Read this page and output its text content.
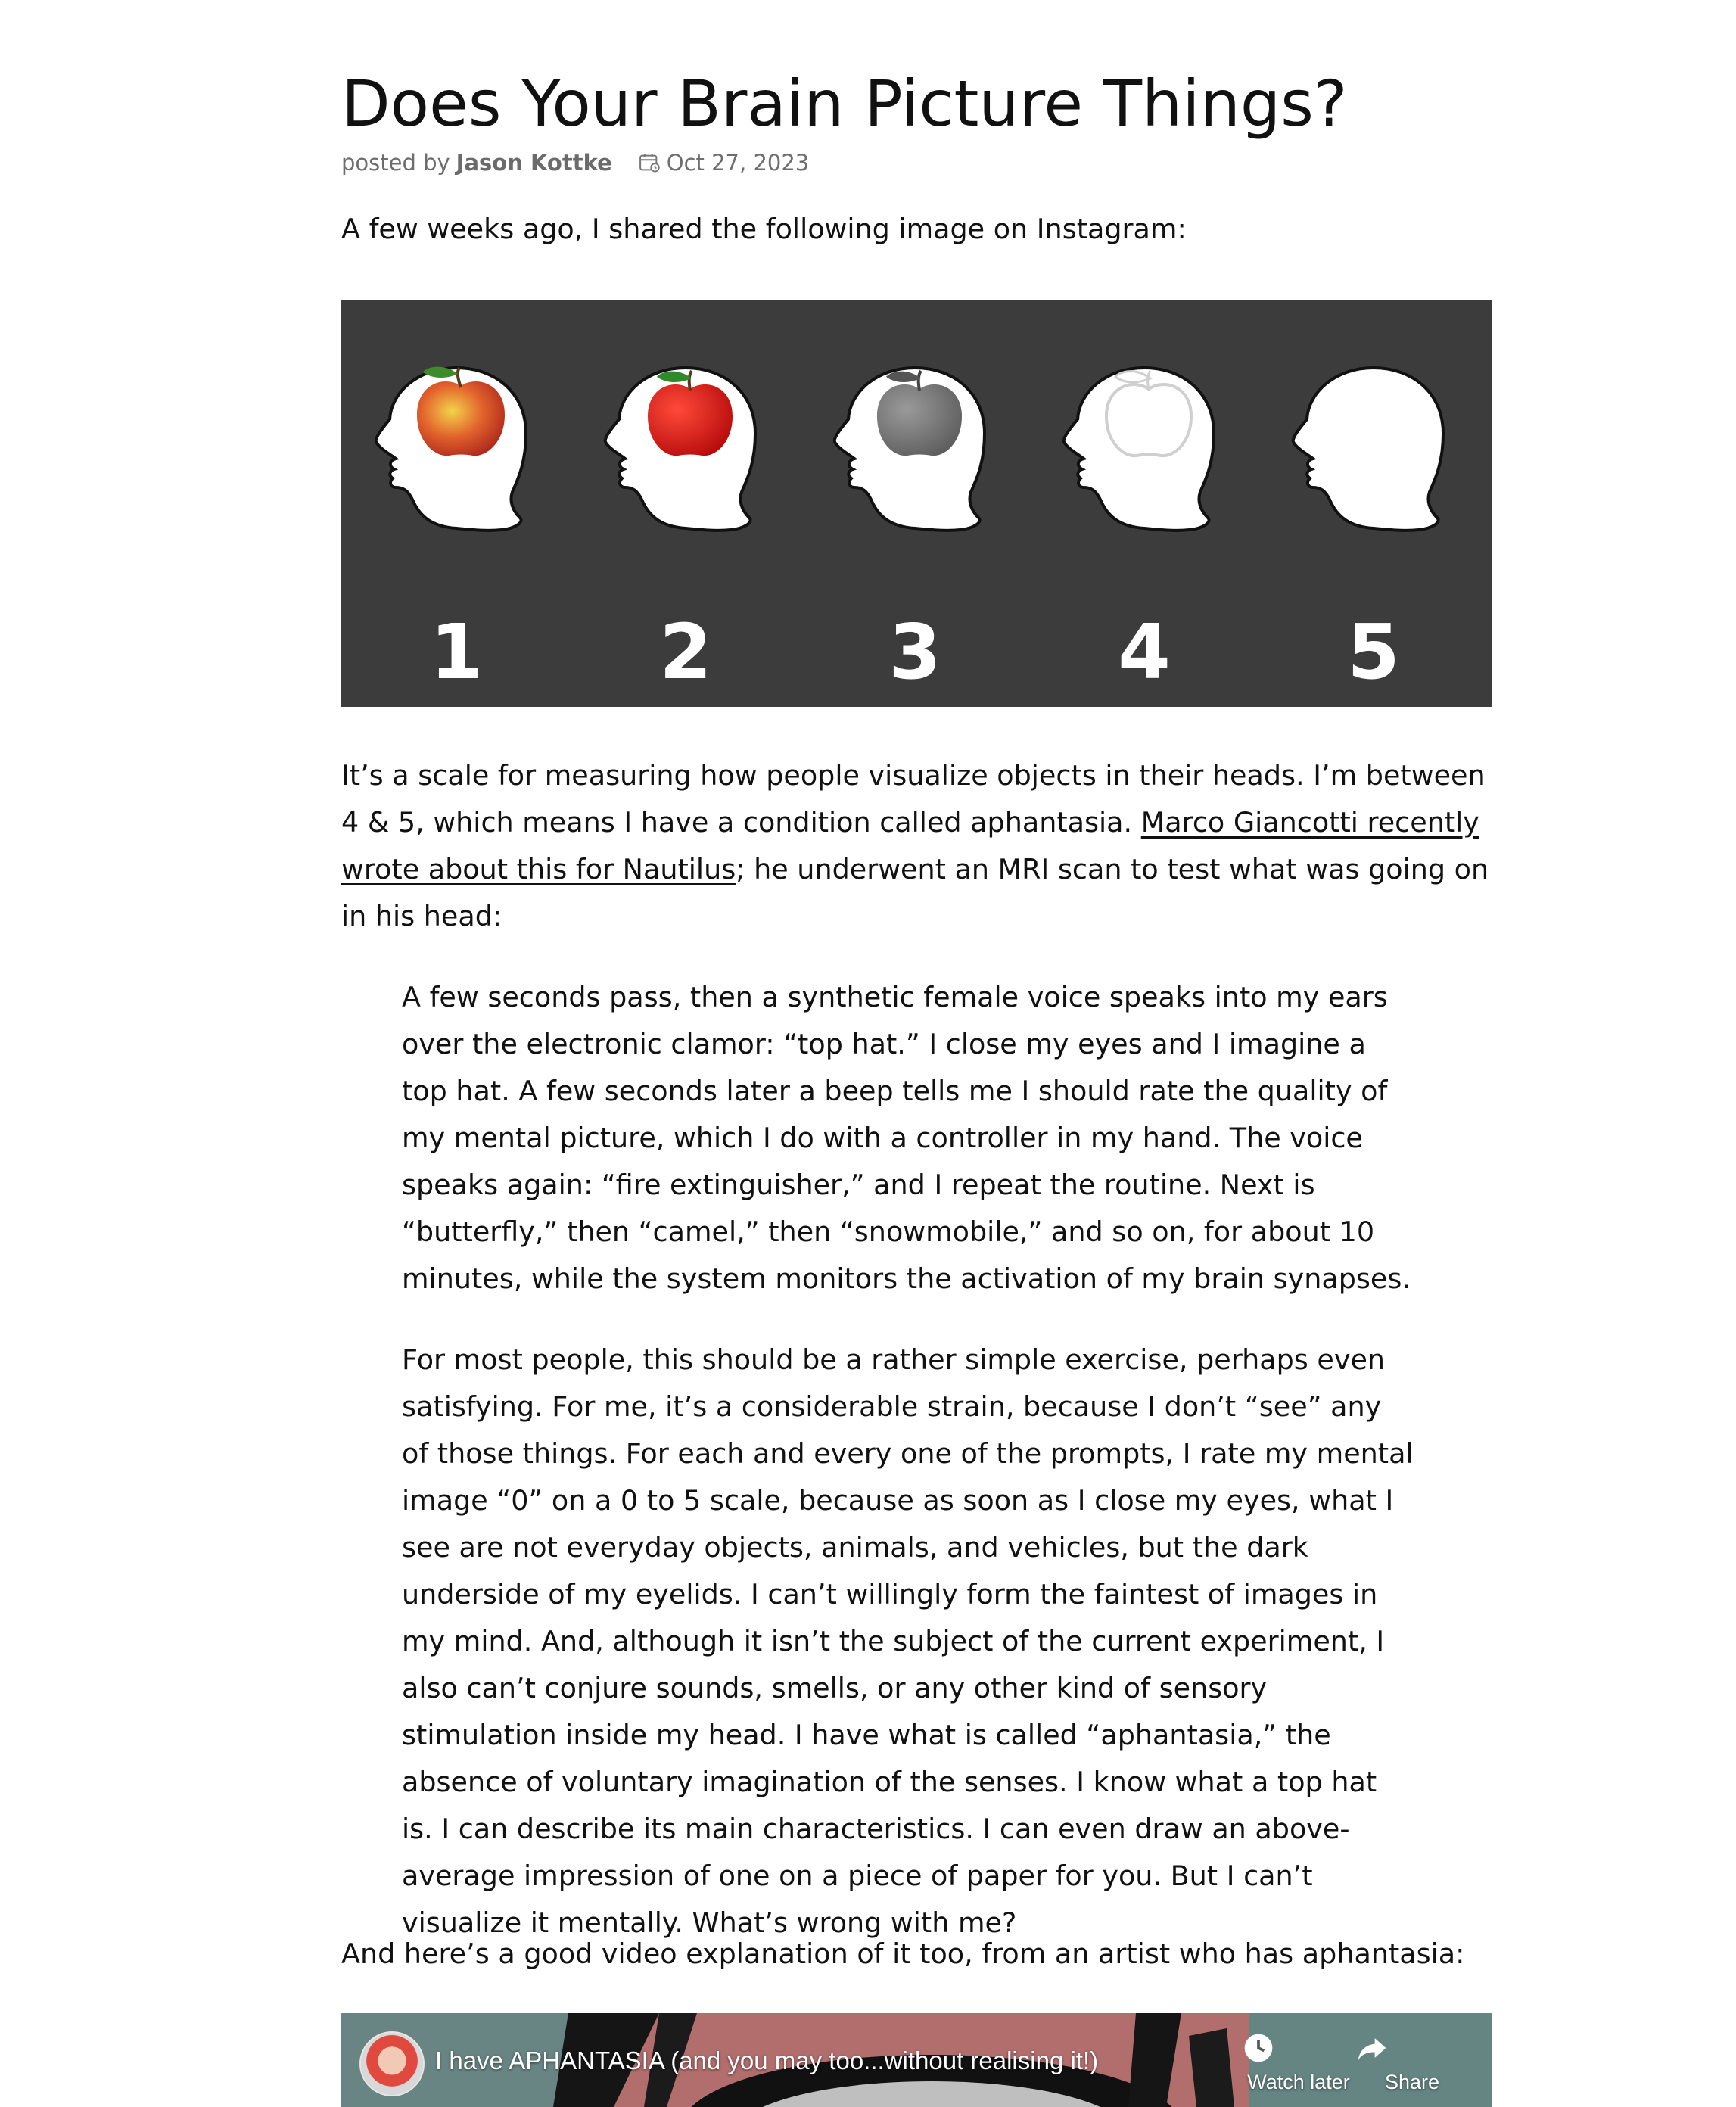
Does Your Brain Picture Things?
posted by Jason Kottke Oct 27, 2023

A few weeks ago, I shared the following image on Instagram:

1 2 3 4 5

It’s a scale for measuring how people visualize objects in their heads. I’m between 4 & 5, which means I have a condition called aphantasia. Marco Giancotti recently wrote about this for Nautilus; he underwent an MRI scan to test what was going on in his head:

A few seconds pass, then a synthetic female voice speaks into my ears over the electronic clamor: “top hat.” I close my eyes and I imagine a top hat. A few seconds later a beep tells me I should rate the quality of my mental picture, which I do with a controller in my hand. The voice speaks again: “fire extinguisher,” and I repeat the routine. Next is “butterfly,” then “camel,” then “snowmobile,” and so on, for about 10 minutes, while the system monitors the activation of my brain synapses.

For most people, this should be a rather simple exercise, perhaps even satisfying. For me, it’s a considerable strain, because I don’t “see” any of those things. For each and every one of the prompts, I rate my mental image “0” on a 0 to 5 scale, because as soon as I close my eyes, what I see are not everyday objects, animals, and vehicles, but the dark underside of my eyelids. I can’t willingly form the faintest of images in my mind. And, although it isn’t the subject of the current experiment, I also can’t conjure sounds, smells, or any other kind of sensory stimulation inside my head. I have what is called “aphantasia,” the absence of voluntary imagination of the senses. I know what a top hat is. I can describe its main characteristics. I can even draw an above-average impression of one on a piece of paper for you. But I can’t visualize it mentally. What’s wrong with me?

And here’s a good video explanation of it too, from an artist who has aphantasia:

I have APHANTASIA (and you may too...without realising it!)
Watch later	Share
